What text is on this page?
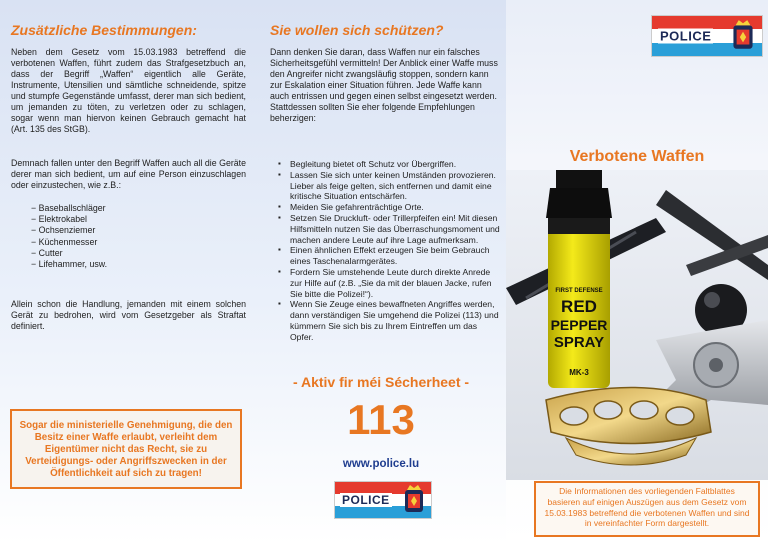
Zusätzliche Bestimmungen:

Neben dem Gesetz vom 15.03.1983 betreffend die verbotenen Waffen, führt zudem das Strafgesetzbuch an, dass der Begriff „Waffen“ eigentlich alle Geräte, Instrumente, Utensilien und sämtliche schneidende, spitze und stumpfe Gegenstände umfasst, derer man sich bedient, um jemanden zu töten, zu verletzen oder zu schlagen, sogar wenn man hiervon keinen Gebrauch gemacht hat (Art. 135 des StGB).

Demnach fallen unter den Begriff Waffen auch all die Geräte derer man sich bedient, um auf eine Person einzuschlagen oder einzustechen, wie z.B.:

− Baseballschläger
− Elektrokabel
− Ochsenziemer
− Küchenmesser
− Cutter
− Lifehammer, usw.

Allein schon die Handlung, jemanden mit einem solchen Gerät zu bedrohen, wird vom Gesetzgeber als Straftat definiert.

Sogar die ministerielle Genehmigung, die den Besitz einer Waffe erlaubt, verleiht dem Eigentümer nicht das Recht, sie zu Verteidigungs- oder Angriffszwecken in der Öffentlichkeit auf sich zu tragen!
Sie wollen sich schützen?

Dann denken Sie daran, dass Waffen nur ein falsches Sicherheitsgefühl vermitteln! Der Anblick einer Waffe muss den Angreifer nicht zwangsläufig stoppen, sondern kann zur Eskalation einer Situation führen. Jede Waffe kann auch entrissen und gegen einen selbst eingesetzt werden. Stattdessen sollten Sie eher folgende Empfehlungen beherzigen:

▪ Begleitung bietet oft Schutz vor Übergriffen.
▪ Lassen Sie sich unter keinen Umständen provozieren. Lieber als feige gelten, sich entfernen und damit eine kritische Situation entschärfen.
▪ Meiden Sie gefahrenträchtige Orte.
▪ Setzen Sie Druckluft- oder Trillerpfeifen ein! Mit diesen Hilfsmitteln nutzen Sie das Überraschungsmoment und machen andere Leute auf ihre Lage aufmerksam.
▪ Einen ähnlichen Effekt erzeugen Sie beim Gebrauch eines Taschenalarmgerätes.
▪ Fordern Sie umstehende Leute durch direkte Anrede zur Hilfe auf (z.B. „Sie da mit der blauen Jacke, rufen Sie bitte die Polizei!“).
▪ Wenn Sie Zeuge eines bewaffneten Angriffes werden, dann verständigen Sie umgehend die Polizei (113) und kümmern Sie sich bis zu Ihrem Eintreffen um das Opfer.
- Aktiv fir méi Sécherheet -
113
www.police.lu
POLICE
POLICE
Verbotene Waffen
FIRST DEFENSE
RED
PEPPER
SPRAY
MK-3
Die Informationen des vorliegenden Faltblattes basieren auf einigen Auszügen aus dem Gesetz vom 15.03.1983 betreffend die verbotenen Waffen und sind in vereinfachter Form dargestellt.
